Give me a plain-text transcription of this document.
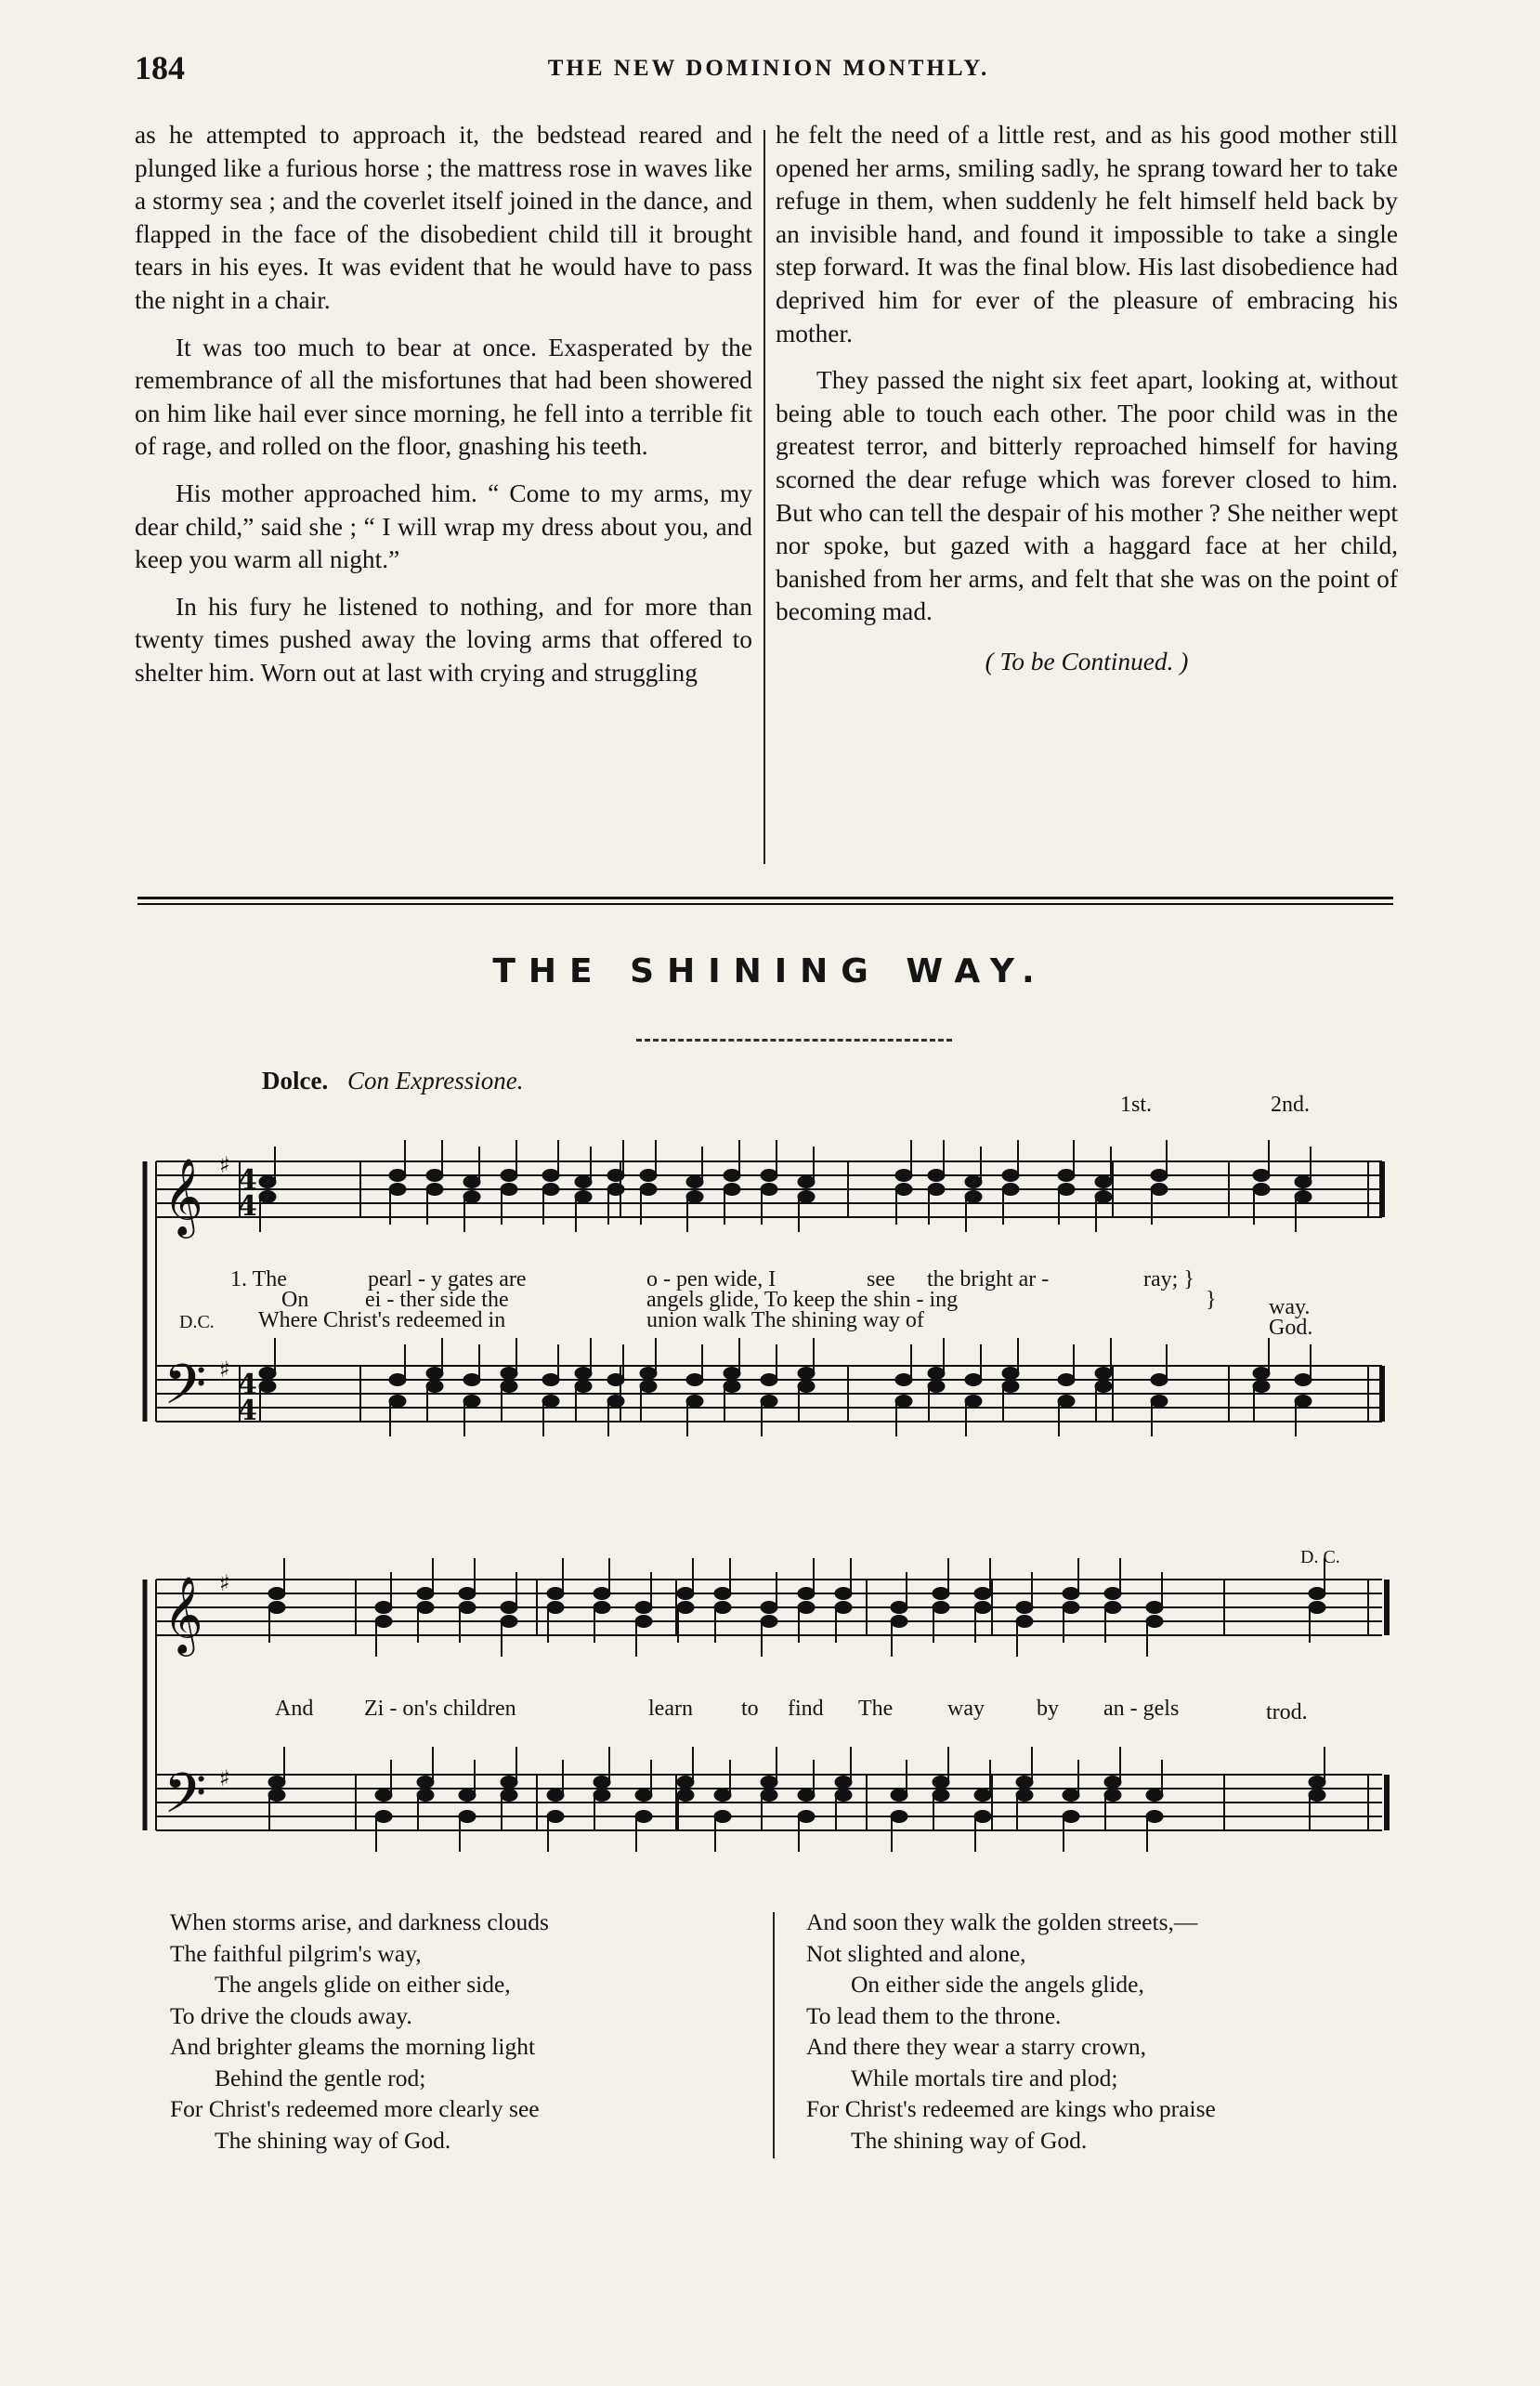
184	THE NEW DOMINION MONTHLY.

as he attempted to approach it, the bedstead reared and plunged like a furious horse ; the mattress rose in waves like a stormy sea ; and the coverlet itself joined in the dance, and flapped in the face of the disobedient child till it brought tears in his eyes. It was evident that he would have to pass the night in a chair.

It was too much to bear at once. Exasperated by the remembrance of all the misfortunes that had been showered on him like hail ever since morning, he fell into a terrible fit of rage, and rolled on the floor, gnashing his teeth.

His mother approached him. “ Come to my arms, my dear child,” said she ; “ I will wrap my dress about you, and keep you warm all night.”

In his fury he listened to nothing, and for more than twenty times pushed away the loving arms that offered to shelter him. Worn out at last with crying and struggling

he felt the need of a little rest, and as his good mother still opened her arms, smiling sadly, he sprang toward her to take refuge in them, when suddenly he felt himself held back by an invisible hand, and found it impossible to take a single step forward. It was the final blow. His last disobedience had deprived him for ever of the pleasure of embracing his mother.

They passed the night six feet apart, looking at, without being able to touch each other. The poor child was in the greatest terror, and bitterly reproached himself for having scorned the dear refuge which was forever closed to him. But who can tell the despair of his mother ? She neither wept nor spoke, but gazed with a haggard face at her child, banished from her arms, and felt that she was on the point of becoming mad.

( To be Continued. )
THE SHINING WAY.
Dolce. Con Expressione.
𝄞
𝄢
𝄞
𝄢
4
4
4
4
♯
♯
♯
♯
1st.	2nd.
D. C.
1. The	pearl - y gates are	o - pen wide, I	see the bright ar -	ray; }
On	ei - ther side the	angels glide, To keep the shin - ing	} way.
D.C. Where Christ's redeemed in	union walk The shining way of	God.
And Zi - on's children	learn to find The way by an - gels	trod.
When storms arise, and darkness clouds
The faithful pilgrim's way,
The angels glide on either side,
To drive the clouds away.
And brighter gleams the morning light
Behind the gentle rod;
For Christ's redeemed more clearly see
The shining way of God.
And soon they walk the golden streets,—
Not slighted and alone,
On either side the angels glide,
To lead them to the throne.
And there they wear a starry crown,
While mortals tire and plod;
For Christ's redeemed are kings who praise
The shining way of God.
